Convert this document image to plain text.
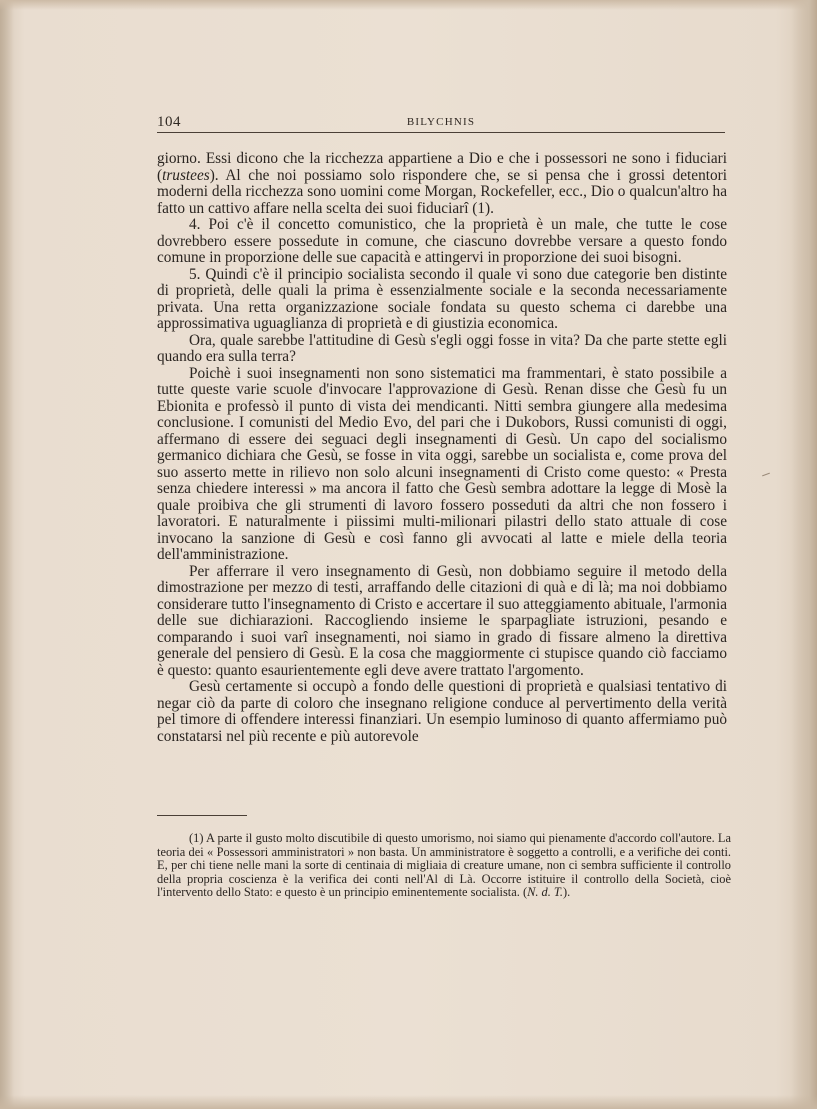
104	BILYCHNIS

giorno. Essi dicono che la ricchezza appartiene a Dio e che i possessori ne sono i fiduciari (trustees). Al che noi possiamo solo rispondere che, se si pensa che i grossi detentori moderni della ricchezza sono uomini come Morgan, Rockefeller, ecc., Dio o qualcun'altro ha fatto un cattivo affare nella scelta dei suoi fiduciarî (1).

4. Poi c'è il concetto comunistico, che la proprietà è un male, che tutte le cose dovrebbero essere possedute in comune, che ciascuno dovrebbe versare a questo fondo comune in proporzione delle sue capacità e attingervi in proporzione dei suoi bisogni.

5. Quindi c'è il principio socialista secondo il quale vi sono due categorie ben distinte di proprietà, delle quali la prima è essenzialmente sociale e la seconda necessariamente privata. Una retta organizzazione sociale fondata su questo schema ci darebbe una approssimativa uguaglianza di proprietà e di giustizia economica.

Ora, quale sarebbe l'attitudine di Gesù s'egli oggi fosse in vita? Da che parte stette egli quando era sulla terra?

Poichè i suoi insegnamenti non sono sistematici ma frammentari, è stato possibile a tutte queste varie scuole d'invocare l'approvazione di Gesù. Renan disse che Gesù fu un Ebionita e professò il punto di vista dei mendicanti. Nitti sembra giungere alla medesima conclusione. I comunisti del Medio Evo, del pari che i Dukobors, Russi comunisti di oggi, affermano di essere dei seguaci degli insegnamenti di Gesù. Un capo del socialismo germanico dichiara che Gesù, se fosse in vita oggi, sarebbe un socialista e, come prova del suo asserto mette in rilievo non solo alcuni insegnamenti di Cristo come questo: « Presta senza chiedere interessi » ma ancora il fatto che Gesù sembra adottare la legge di Mosè la quale proibiva che gli strumenti di lavoro fossero posseduti da altri che non fossero i lavoratori. E naturalmente i piissimi multi-milionari pilastri dello stato attuale di cose invocano la sanzione di Gesù e così fanno gli avvocati al latte e miele della teoria dell'amministrazione.

Per afferrare il vero insegnamento di Gesù, non dobbiamo seguire il metodo della dimostrazione per mezzo di testi, arraffando delle citazioni di quà e di là; ma noi dobbiamo considerare tutto l'insegnamento di Cristo e accertare il suo atteggiamento abituale, l'armonia delle sue dichiarazioni. Raccogliendo insieme le sparpagliate istruzioni, pesando e comparando i suoi varî insegnamenti, noi siamo in grado di fissare almeno la direttiva generale del pensiero di Gesù. E la cosa che maggiormente ci stupisce quando ciò facciamo è questo: quanto esaurientemente egli deve avere trattato l'argomento.

Gesù certamente si occupò a fondo delle questioni di proprietà e qualsiasi tentativo di negar ciò da parte di coloro che insegnano religione conduce al pervertimento della verità pel timore di offendere interessi finanziari. Un esempio luminoso di quanto affermiamo può constatarsi nel più recente e più autorevole

(1) A parte il gusto molto discutibile di questo umorismo, noi siamo qui pienamente d'accordo coll'autore. La teoria dei « Possessori amministratori » non basta. Un amministratore è soggetto a controlli, e a verifiche dei conti. E, per chi tiene nelle mani la sorte di centinaia di migliaia di creature umane, non ci sembra sufficiente il controllo della propria coscienza è la verifica dei conti nell'Al di Là. Occorre istituire il controllo della Società, cioè l'intervento dello Stato: e questo è un principio eminentemente socialista. (N. d. T.).
